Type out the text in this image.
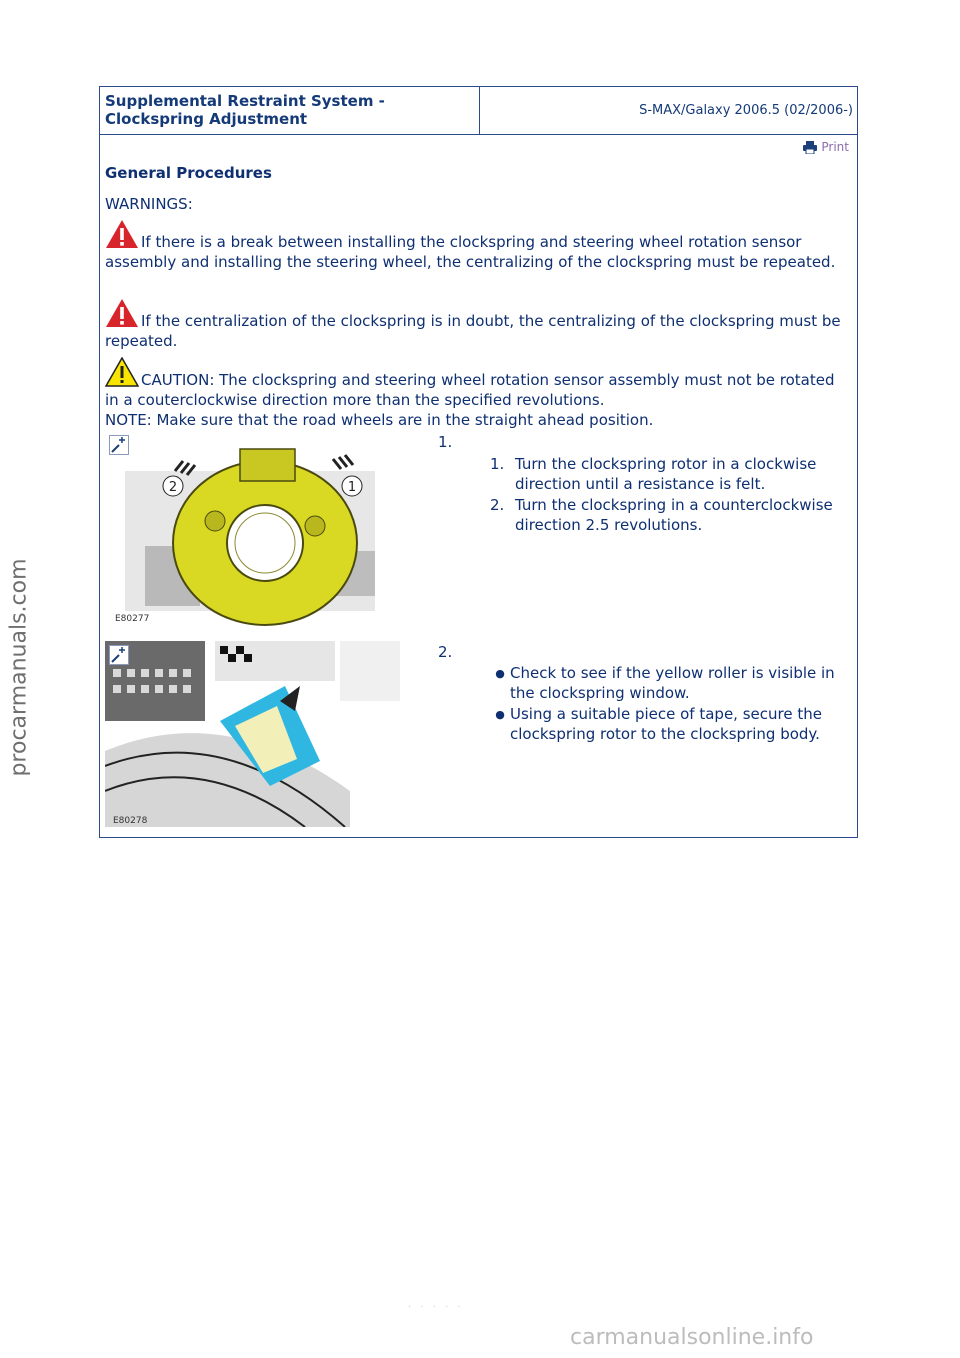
Supplemental Restraint System -
Clockspring Adjustment	S-MAX/Galaxy 2006.5 (02/2006-)
Print
General Procedures
WARNINGS:
If there is a break between installing the clockspring and steering wheel rotation sensor assembly and installing the steering wheel, the centralizing of the clockspring must be repeated.
If the centralization of the clockspring is in doubt, the centralizing of the clockspring must be repeated.
CAUTION: The clockspring and steering wheel rotation sensor assembly must not be rotated in a couterclockwise direction more than the specified revolutions.
NOTE: Make sure that the road wheels are in the straight ahead position.
2	1
E80277
1.
1. Turn the clockspring rotor in a clockwise direction until a resistance is felt.
2. Turn the clockspring in a counterclockwise direction 2.5 revolutions.
E80278
2.
● Check to see if the yellow roller is visible in the clockspring window.
● Using a suitable piece of tape, secure the clockspring rotor to the clockspring body.
procarmanuals.com
· · · · ·
carmanualsonline.info
